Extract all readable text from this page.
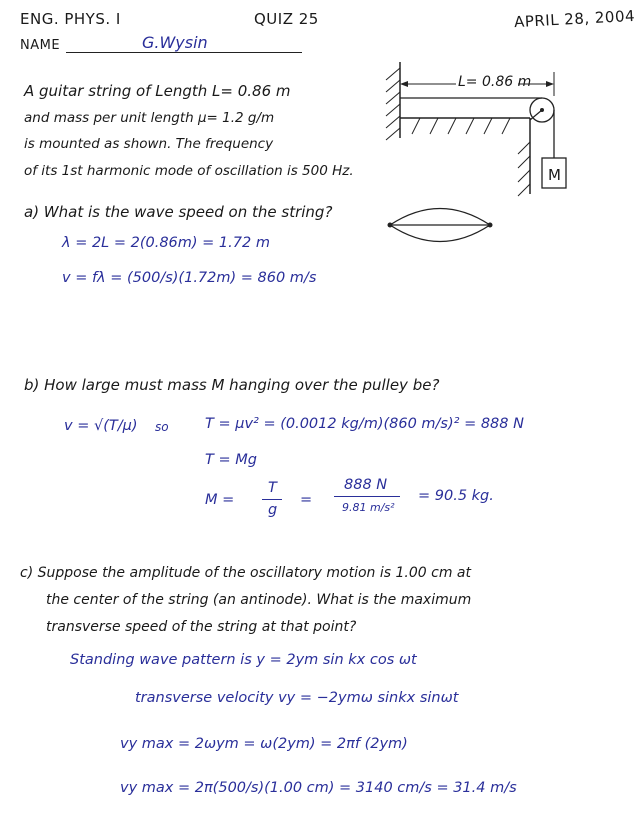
ENG. PHYS. I	QUIZ 25	APRIL 28, 2004
NAME	G.Wysin
A guitar string of Length L= 0.86 m
and mass per unit length μ= 1.2 g/m
is mounted as shown. The frequency
of its 1st harmonic mode of oscillation is 500 Hz.
L= 0.86 m
M
a) What is the wave speed on the string?
λ = 2L = 2(0.86m) = 1.72 m
v = fλ = (500/s)(1.72m) = 860 m/s
b) How large must mass M hanging over the pulley be?
v = √(T/μ) so	T = μv² = (0.0012 kg/m)(860 m/s)² = 888 N
T = Mg
M =
T
g
=
888 N
9.81 m/s²
= 90.5 kg.
c) Suppose the amplitude of the oscillatory motion is 1.00 cm at
the center of the string (an antinode). What is the maximum
transverse speed of the string at that point?
Standing wave pattern is y = 2ym sin kx cos ωt
transverse velocity vy = −2ymω sinkx sinωt
vy max = 2ωym = ω(2ym) = 2πf (2ym)
vy max = 2π(500/s)(1.00 cm) = 3140 cm/s = 31.4 m/s
